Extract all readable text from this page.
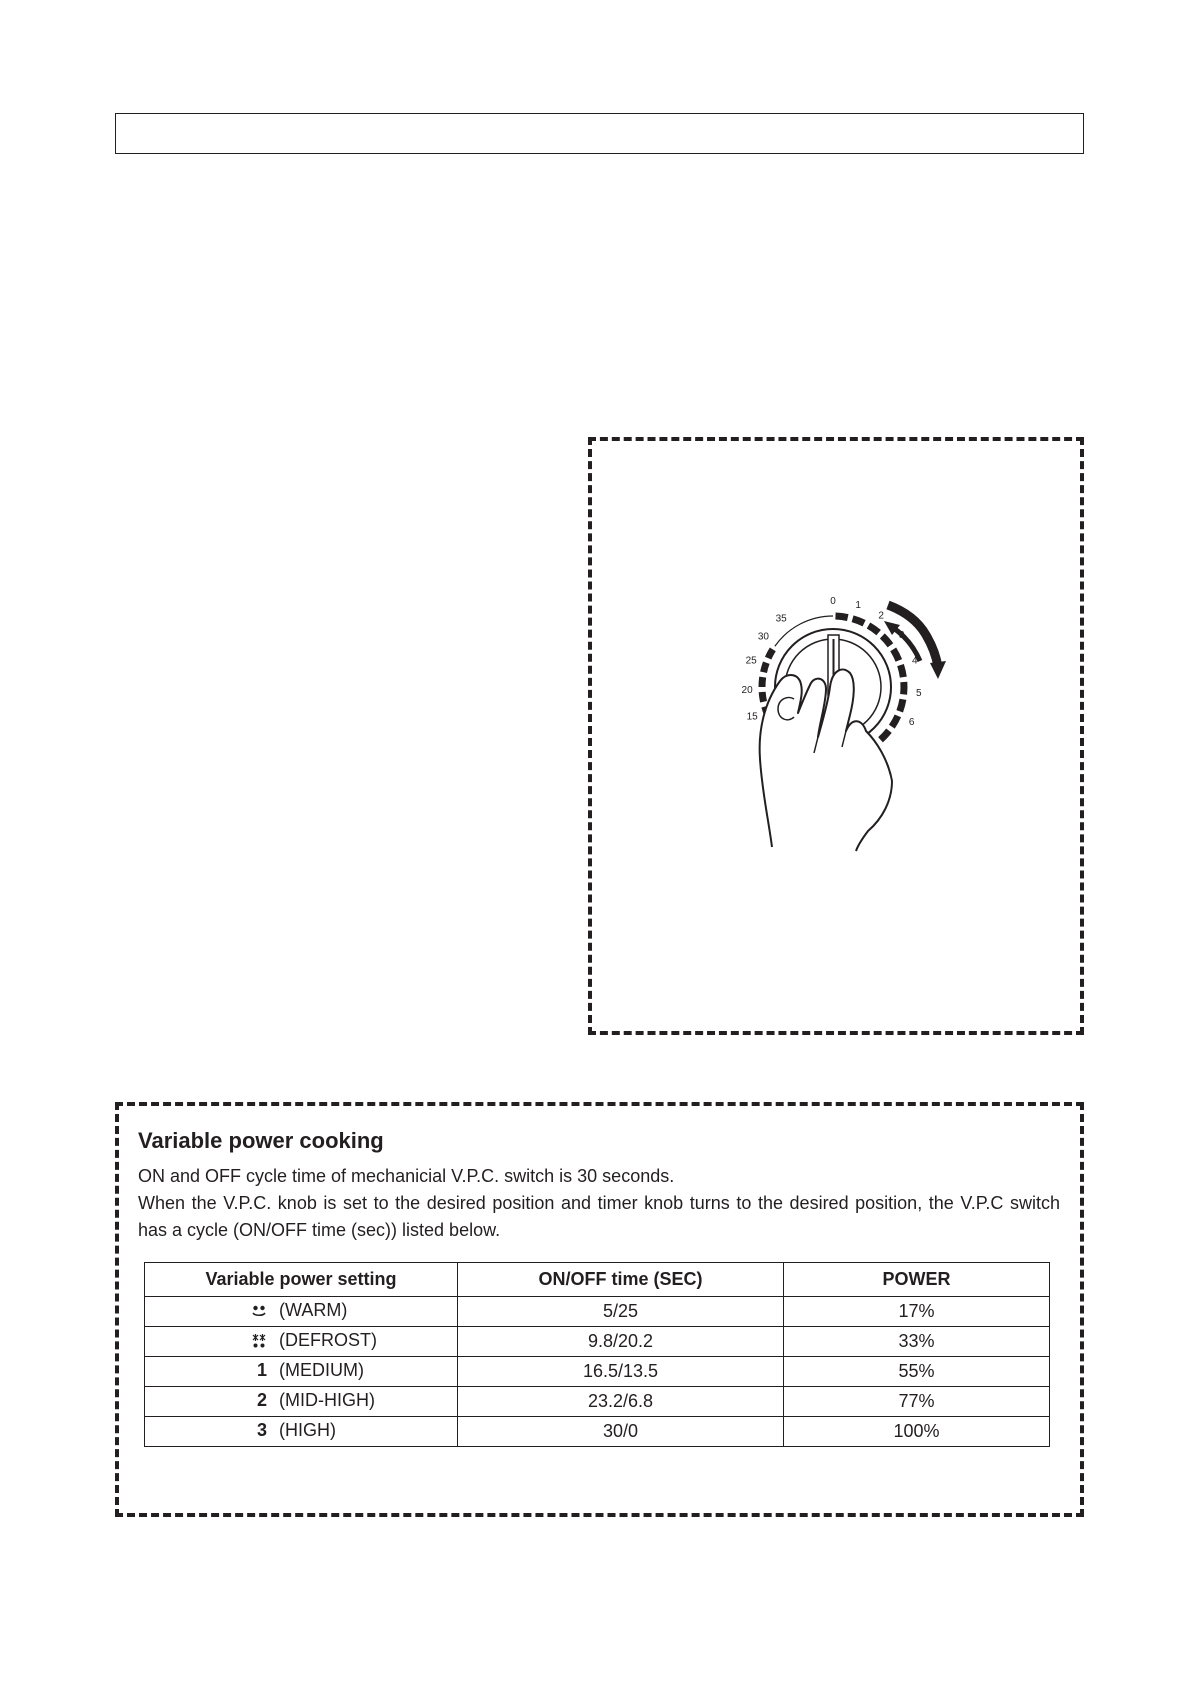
0 1
2
3
4
5
6
35
30
25
20
15
Variable power cooking
ON and OFF cycle time of mechanicial V.P.C. switch is 30 seconds.
When the V.P.C. knob is set to the desired position and timer knob turns to the desired position, the V.P.C switch has a cycle (ON/OFF time (sec)) listed below.
Variable power setting	ON/OFF time (SEC)	POWER

(WARM)	5/25	17%

(DEFROST)	9.8/20.2	33%

1 (MEDIUM)	16.5/13.5	55%

2 (MID-HIGH)	23.2/6.8	77%

3 (HIGH)	30/0	100%
